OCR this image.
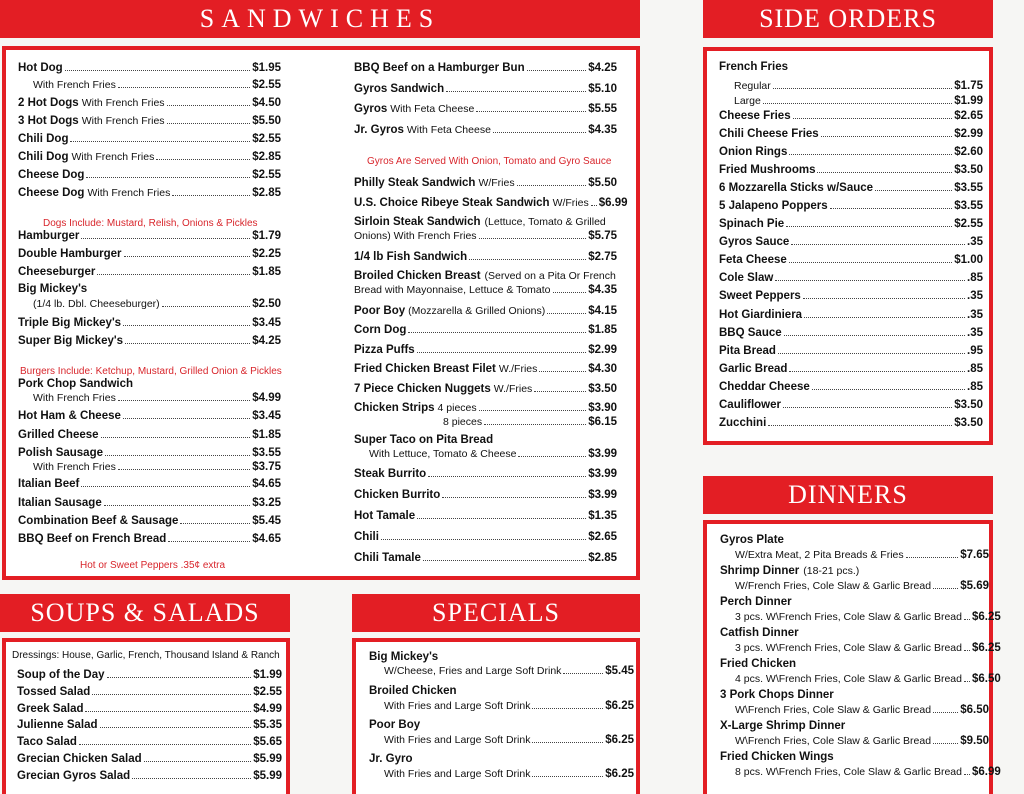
SANDWICHES
Hot Dog	$1.95
With French Fries	$2.55
2 Hot Dogs With French Fries	$4.50
3 Hot Dogs With French Fries	$5.50
Chili Dog	$2.55
Chili Dog With French Fries	$2.85
Cheese Dog	$2.55
Cheese Dog With French Fries	$2.85
Dogs Include: Mustard, Relish, Onions & Pickles
Hamburger	$1.79
Double Hamburger	$2.25
Cheeseburger	$1.85
Big Mickey's
(1/4 lb. Dbl. Cheeseburger)	$2.50
Triple Big Mickey's	$3.45
Super Big Mickey's	$4.25
Burgers Include: Ketchup, Mustard, Grilled Onion & Pickles
Pork Chop Sandwich
With French Fries	$4.99
Hot Ham & Cheese	$3.45
Grilled Cheese	$1.85
Polish Sausage	$3.55
With French Fries	$3.75
Italian Beef	$4.65
Italian Sausage	$3.25
Combination Beef & Sausage	$5.45
BBQ Beef on French Bread	$4.65
Hot or Sweet Peppers .35¢ extra
BBQ Beef on a Hamburger Bun	$4.25
Gyros Sandwich	$5.10
Gyros With Feta Cheese	$5.55
Jr. Gyros With Feta Cheese	$4.35
Gyros Are Served With Onion, Tomato and Gyro Sauce
Philly Steak Sandwich W/Fries	$5.50
U.S. Choice Ribeye Steak Sandwich W/Fries $6.99
Sirloin Steak Sandwich (Lettuce, Tomato & Grilled
Onions) With French Fries	$5.75
1/4 lb Fish Sandwich	$2.75
Broiled Chicken Breast (Served on a Pita Or French
Bread with Mayonnaise, Lettuce & Tomato	$4.35
Poor Boy (Mozzarella & Grilled Onions)	$4.15
Corn Dog	$1.85
Pizza Puffs	$2.99
Fried Chicken Breast Filet W./Fries	$4.30
7 Piece Chicken Nuggets W./Fries	$3.50
Chicken Strips 4 pieces	$3.90
8 pieces	$6.15
Super Taco on Pita Bread
With Lettuce, Tomato & Cheese	$3.99
Steak Burrito	$3.99
Chicken Burrito	$3.99
Hot Tamale	$1.35
Chili	$2.65
Chili Tamale	$2.85
SOUPS & SALADS
Dressings: House, Garlic, French, Thousand Island & Ranch
Soup of the Day	$1.99
Tossed Salad	$2.55
Greek Salad	$4.99
Julienne Salad	$5.35
Taco Salad	$5.65
Grecian Chicken Salad	$5.99
Grecian Gyros Salad	$5.99
SPECIALS
Big Mickey's
W/Cheese, Fries and Large Soft Drink	$5.45
Broiled Chicken
With Fries and Large Soft Drink	$6.25
Poor Boy
With Fries and Large Soft Drink	$6.25
Jr. Gyro
With Fries and Large Soft Drink	$6.25
SIDE ORDERS
French Fries
Regular	$1.75
Large	$1.99
Cheese Fries	$2.65
Chili Cheese Fries	$2.99
Onion Rings	$2.60
Fried Mushrooms	$3.50
6 Mozzarella Sticks w/Sauce	$3.55
5 Jalapeno Poppers	$3.55
Spinach Pie	$2.55
Gyros Sauce	.35
Feta Cheese	$1.00
Cole Slaw	.85
Sweet Peppers	.35
Hot Giardiniera	.35
BBQ Sauce	.35
Pita Bread	.95
Garlic Bread	.85
Cheddar Cheese	.85
Cauliflower	$3.50
Zucchini	$3.50
DINNERS
Gyros Plate
W/Extra Meat, 2 Pita Breads & Fries	$7.65
Shrimp Dinner (18-21 pcs.)
W/French Fries, Cole Slaw & Garlic Bread	$5.69
Perch Dinner
3 pcs. W\French Fries, Cole Slaw & Garlic Bread $6.25
Catfish Dinner
3 pcs. W\French Fries, Cole Slaw & Garlic Bread $6.25
Fried Chicken
4 pcs. W\French Fries, Cole Slaw & Garlic Bread $6.50
3 Pork Chops Dinner
W\French Fries, Cole Slaw & Garlic Bread	$6.50
X-Large Shrimp Dinner
W\French Fries, Cole Slaw & Garlic Bread	$9.50
Fried Chicken Wings
8 pcs. W\French Fries, Cole Slaw & Garlic Bread $6.99
